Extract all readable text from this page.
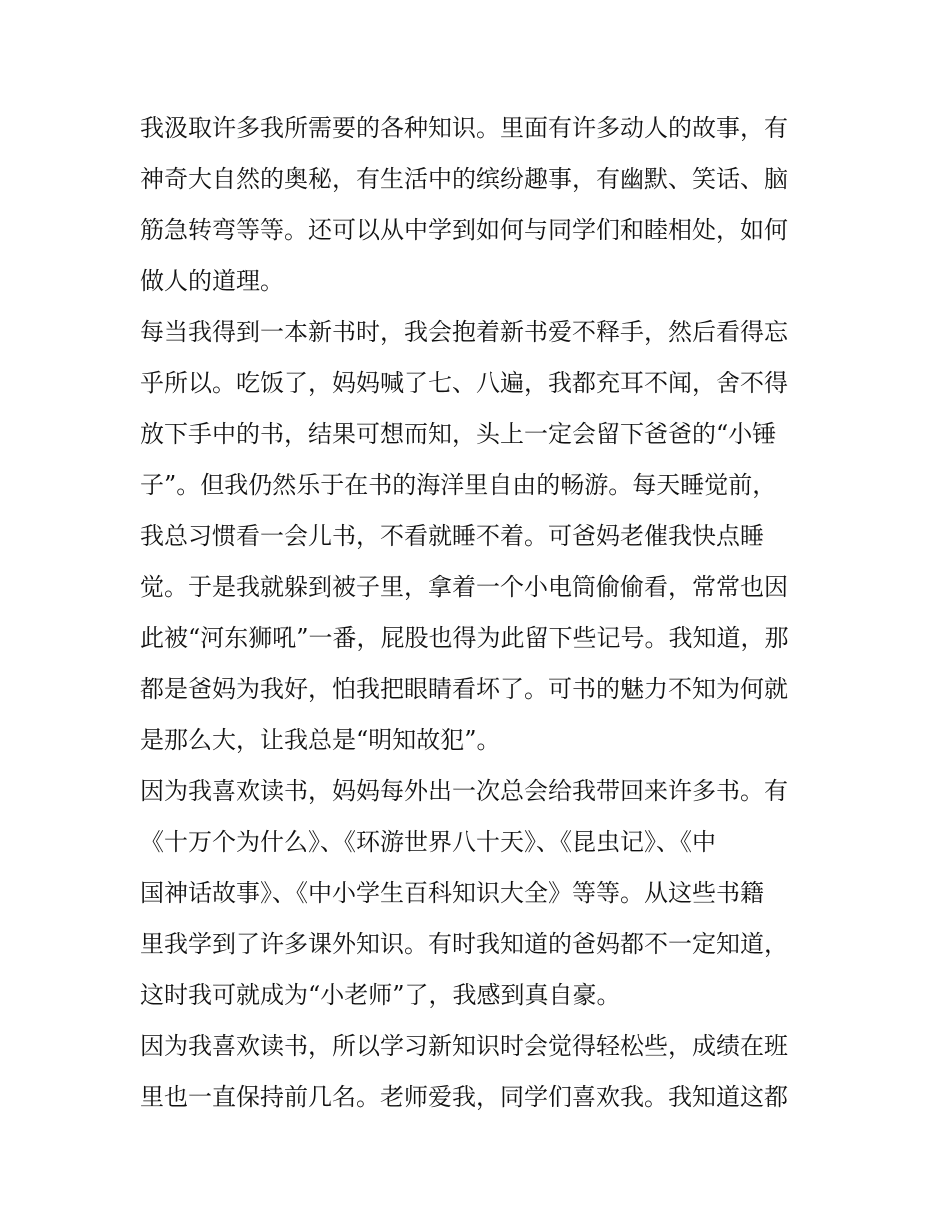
我汲取许多我所需要的各种知识。里面有许多动人的故事，有
神奇大自然的奥秘，有生活中的缤纷趣事，有幽默、笑话、脑
筋急转弯等等。还可以从中学到如何与同学们和睦相处，如何
做人的道理。
每当我得到一本新书时，我会抱着新书爱不释手，然后看得忘
乎所以。吃饭了，妈妈喊了七、八遍，我都充耳不闻，舍不得
放下手中的书，结果可想而知，头上一定会留下爸爸的“小锤
子”。但我仍然乐于在书的海洋里自由的畅游。每天睡觉前，
我总习惯看一会儿书，不看就睡不着。可爸妈老催我快点睡
觉。于是我就躲到被子里，拿着一个小电筒偷偷看，常常也因
此被“河东狮吼”一番，屁股也得为此留下些记号。我知道，那
都是爸妈为我好，怕我把眼睛看坏了。可书的魅力不知为何就
是那么大，让我总是“明知故犯”。
因为我喜欢读书，妈妈每外出一次总会给我带回来许多书。有
《十万个为什么》、《环游世界八十天》、《昆虫记》、《中
国神话故事》、《中小学生百科知识大全》等等。从这些书籍
里我学到了许多课外知识。有时我知道的爸妈都不一定知道，
这时我可就成为“小老师”了，我感到真自豪。
因为我喜欢读书，所以学习新知识时会觉得轻松些，成绩在班
里也一直保持前几名。老师爱我，同学们喜欢我。我知道这都
